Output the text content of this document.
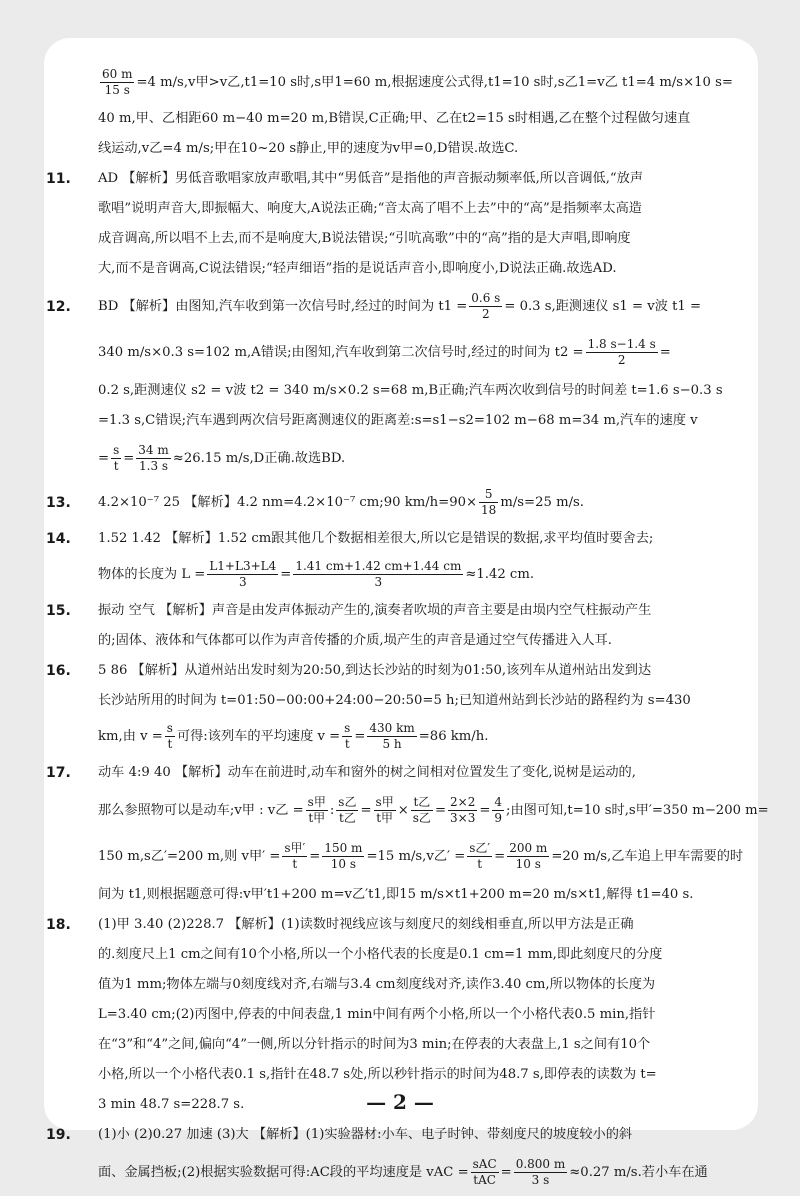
$\frac{60 m}{15 s} =4$ m/s,v甲>v乙,t1=10 s时,s甲1=60 m,根据速度公式得,t1=10 s时,s乙1=v乙 t1=4 m/s×10 s=
40 m,甲、乙相距60 m−40 m=20 m,B错误,C正确;甲、乙在t2=15 s时相遇,乙在整个过程做匀速直
线运动,v乙=4 m/s;甲在10~20 s静止,甲的速度为v甲=0,D错误.故选C.
11. AD 【解析】男低音歌唱家放声歌唱,其中“男低音”是指他的声音振动频率低,所以音调低,“放声
歌唱”说明声音大,即振幅大、响度大,A说法正确;“音太高了唱不上去”中的“高”是指频率太高造
成音调高,所以唱不上去,而不是响度大,B说法错误;“引吭高歌”中的“高”指的是大声唱,即响度
大,而不是音调高,C说法错误;“轻声细语”指的是说话声音小,即响度小,D说法正确.故选AD.
12. BD 【解析】由图知,汽车收到第一次信号时,经过的时间为 $t1 = \frac{0.6 s}{2} = 0.3$ s,距测速仪 s1 = v波 t1 =
340 m/s×0.3 s=102 m,A错误;由图知,汽车收到第二次信号时,经过的时间为 $t2 = \frac{1.8 s-1.4 s}{2}$ =
0.2 s,距测速仪 s2 = v波 t2 = 340 m/s×0.2 s=68 m,B正确;汽车两次收到信号的时间差 t=1.6 s−0.3 s
=1.3 s,C错误;汽车遇到两次信号距离测速仪的距离差:s=s1−s2=102 m−68 m=34 m,汽车的速度 v
= $\frac{s}{t} = \frac{34 m}{1.3 s} \approx 26.15$ m/s,D正确.故选BD.
13. 4.2×10⁻⁷ 25 【解析】4.2 nm=4.2×10⁻⁷ cm;90 $km/h=90\times \frac{5}{18} m/s=25$ m/s.
14. 1.52 1.42 【解析】1.52 cm跟其他几个数据相差很大,所以它是错误的数据,求平均值时要舍去;
物体的长度为 $L = \frac{L1+L3+L4}{3} = \frac{1.41 cm+1.42 cm+1.44 cm}{3} \approx 1.42$ cm.
15. 振动 空气 【解析】声音是由发声体振动产生的,演奏者吹埙的声音主要是由埙内空气柱振动产生
的;固体、液体和气体都可以作为声音传播的介质,埙产生的声音是通过空气传播进入人耳.
16. 5 86 【解析】从道州站出发时刻为20:50,到达长沙站的时刻为01:50,该列车从道州站出发到达
长沙站所用的时间为 t=01:50−00:00+24:00−20:50=5 h;已知道州站到长沙站的路程约为 s=430
km,由 $v = \frac{s}{t}$ 可得:该列车的平均速度 $v = \frac{s}{t} = \frac{430 km}{5 h} =86$ km/h.
17. 动车 4:9 40 【解析】动车在前进时,动车和窗外的树之间相对位置发生了变化,说树是运动的,
那么参照物可以是动车;v甲 : v乙 = $\frac{\text{s甲}}{\text{t甲}}$ : $\frac{\text{s乙}}{\text{t乙}} = \frac{\text{s甲}}{\text{t甲}} \times \frac{\text{t乙}}{\text{s乙}} = \frac{2\times 2}{3\times 3} = \frac{4}{9}$ ;由图可知,t=10 s时,s甲′=350 m−200 m=
150 m,s乙′=200 m,则 v甲′ = $\frac{\text{s甲′}}{t} = \frac{150 m}{10 s} =15$ m/s,v乙′ = $\frac{\text{s乙′}}{t} = \frac{200 m}{10 s} =20$ m/s,乙车追上甲车需要的时
间为 t1,则根据题意可得:v甲′t1+200 m=v乙′t1,即15 m/s×t1+200 m=20 m/s×t1,解得 t1=40 s.
18. (1)甲 3.40 (2)228.7 【解析】(1)读数时视线应该与刻度尺的刻线相垂直,所以甲方法是正确
的.刻度尺上1 cm之间有10个小格,所以一个小格代表的长度是0.1 cm=1 mm,即此刻度尺的分度
值为1 mm;物体左端与0刻度线对齐,右端与3.4 cm刻度线对齐,读作3.40 cm,所以物体的长度为
L=3.40 cm;(2)丙图中,停表的中间表盘,1 min中间有两个小格,所以一个小格代表0.5 min,指针
在“3”和“4”之间,偏向“4”一侧,所以分针指示的时间为3 min;在停表的大表盘上,1 s之间有10个
小格,所以一个小格代表0.1 s,指针在48.7 s处,所以秒针指示的时间为48.7 s,即停表的读数为 t=
3 min 48.7 s=228.7 s.
19. (1)小 (2)0.27 加速 (3)大 【解析】(1)实验器材:小车、电子时钟、带刻度尺的坡度较小的斜
面、金属挡板;(2)根据实验数据可得:AC段的平均速度是 vAC = $\frac{\text{sAC}}{\text{tAC}} = \frac{0.800 m}{3 s} \approx 0.27$ m/s.若小车在通
— 2 —
